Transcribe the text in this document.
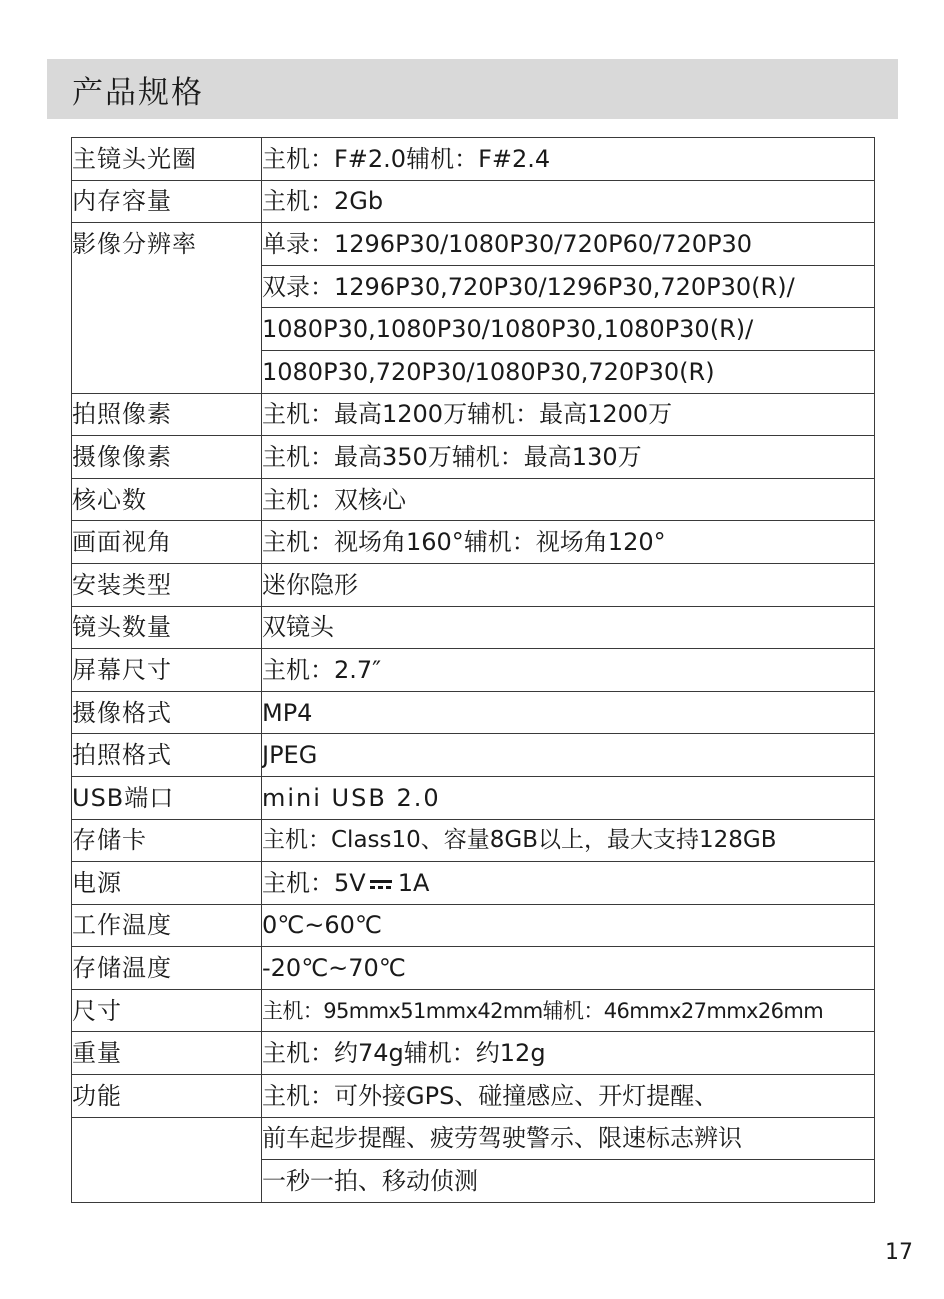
产品规格
主镜头光圈	主机：F#2.0辅机：F#2.4
内存容量	主机：2Gb
影像分辨率	单录：1296P30/1080P30/720P60/720P30
	双录：1296P30,720P30/1296P30,720P30(R)/
	1080P30,1080P30/1080P30,1080P30(R)/
	1080P30,720P30/1080P30,720P30(R)
拍照像素	主机：最高1200万辅机：最高1200万
摄像像素	主机：最高350万辅机：最高130万
核心数	主机：双核心
画面视角	主机：视场角160°辅机：视场角120°
安装类型	迷你隐形
镜头数量	双镜头
屏幕尺寸	主机：2.7″
摄像格式	MP4
拍照格式	JPEG
USB端口	mini USB 2.0
存储卡	主机：Class10、容量8GB以上，最大支持128GB
电源	主机：5V 1A
工作温度	0℃~60℃
存储温度	-20℃~70℃
尺寸	主机：95mmx51mmx42mm辅机：46mmx27mmx26mm
重量	主机：约74g辅机：约12g
功能	主机：可外接GPS、碰撞感应、开灯提醒、
	前车起步提醒、疲劳驾驶警示、限速标志辨识
	一秒一拍、移动侦测
17
